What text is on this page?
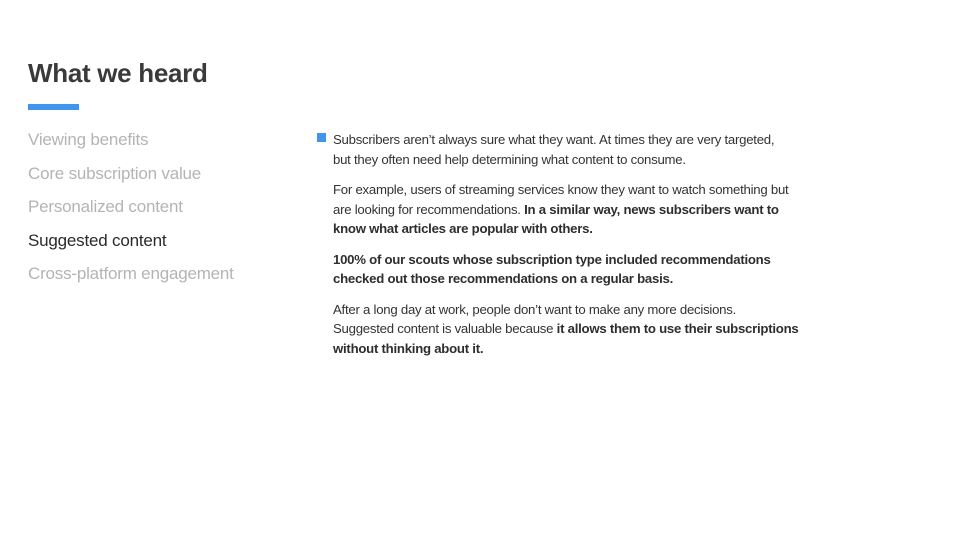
What we heard
Viewing benefits
Core subscription value
Personalized content
Suggested content
Cross-platform engagement
Subscribers aren’t always sure what they want. At times they are very targeted,
but they often need help determining what content to consume.
For example, users of streaming services know they want to watch something but
are looking for recommendations. In a similar way, news subscribers want to
know what articles are popular with others.
100% of our scouts whose subscription type included recommendations
checked out those recommendations on a regular basis.
After a long day at work, people don’t want to make any more decisions.
Suggested content is valuable because it allows them to use their subscriptions
without thinking about it.
